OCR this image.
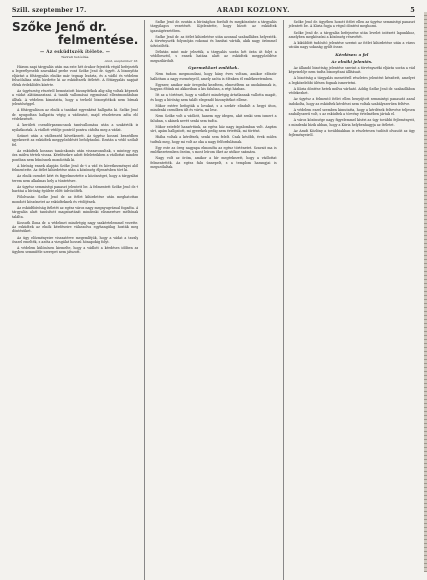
Szill. szeptember 17.	ARADI KOZLONY.	5
Szőke Jenő dr.
felmentése.
— Az esküdtszék ítélete. —
Távirati tudósítás.
Arad, szeptember 16.

Három napi tárgyalás után ma este hét órakor fejezték végül befejezték a legerélyesebb szavakkal perbe vont Szőke Jenő dr. ügyét. A bizonyítás eljárást a főtárgyalás elnöke már tegnap lezárta, és a vádló és védelem felszólalása után hirdette ki az esküdtszék ítéletét. A főtárgyalás napjait élénk érdeklődés kísérte.

Az ügyészség részéről bemutatott bizonyítékok alig-alig voltak képesek a vádat alátámasztani. A tanúk vallomásai egymással ellentmondásban álltak. A védelem kimutatta, hogy a terhelő bizonyítékok nem bírnak jelentőséggel.

A főtárgyaláson az elnök a tanúkat egyenként hallgatta ki. Szőke Jenő dr. nyugodtan hallgatta végig a vádiratot, majd részletesen adta elő védekezését.

A kerületi csendőrparancsnok tanúvallomása után a szakértők is nyilatkoztak. A vádlott védője pontról pontra cáfolta meg a vádat.

Szünet után a vádbeszéd következett. Az ügyész hosszú beszédben igyekezett az esküdtek meggyőződését befolyásolni. Ezután a védő szólalt fel.

Az esküdtek hosszas tanácskozás után visszavonultak, s mintegy egy óra múlva tértek vissza. Kérdésekre adott feleleteikben a vádlottat minden pontban nem bűnösnek mondották ki.

A bíróság ennek alapján Szőke Jenő dr.-t a vád és következményei alól felmentette. Az ítélet kihirdetése után a közönség éljenzésben tört ki.

Az elnök csendet kért és figyelmeztette a közönséget, hogy a tárgyalási terem nem alkalmas hely a tüntetésre.

Az ügyész semmiségi panaszt jelentett be. A felmentett Szőke Jenő dr.-t barátai a bíróság épülete előtt üdvözölték.

Fölolvasás: Szőke Jenő dr. az ítélet kihirdetése után meghatottan mondott köszönetet az esküdteknek és védőjének.

Az esküdtbíróság ítéletét az egész város nagy megnyugvással fogadta. A tárgyalás alatt tanúsított magatartását mindenki elismerésre méltónak találta.

Kossuth Ilona dr. a védelmet mindvégig nagy szakértelemmel vezette. Az esküdtek az elnök kérdéseire válaszolva egyhangúlag hozták meg döntésüket.

Az ügy előzményeire visszatérve megemlítjük, hogy a vádat a tavaly ősszel emelték, s azóta a vizsgálat hosszú hónapokig folyt.

A védelem különösen kiemelte, hogy a vádlott a kérdéses időben az ügyben semmiféle szerepet nem játszott.

Szőke Jenő dr. ezután a bírósághoz fordult és megköszönte a tárgyalás tárgyilagos vezetését. Kijelentette, hogy bízott az esküdtek igazságérzetében.

Szőke Jenő dr. az itélet kihirdetése után azonnal szabadlábra helyezték. A törvényszék folyosóján rokonai és barátai várták, akik nagy örömmel üdvözölték.

Délután mint már jeleztük, a tárgyalás során hét órán át folyt a védőbeszéd, s ennek hatása alatt az esküdtek meggyőződése megszilárdult.

Gyermekkori emlékek.

Nem tudom megmondani, hogy hány éves voltam, amikor először hallottam a nagy eseményről, amely azóta is élénken él emlékezetemben.

Egyszer, amikor már öregedni kezdtem, elmeséltem az unokáimnak is, hogyan éltünk mi akkoriban a kis faluban, a régi házban.

Itt az a történet, hogy a vádlott mindvégig ártatlannak vallotta magát, és hogy a bíróság nem talált elegendő bizonyítékot ellene.

Mikor estére befogták a lovakat, s a szekér elindult a hegyi úton, mindenki csendben ült és várta, mi lesz.

Nem Szőke volt a vádlott, hanem egy idegen, akit senki sem ismert a faluban, s akinek nevét senki sem tudta.

Mikor estefelé hazaértünk, az egész ház nagy izgalomban volt. Anyám sírt, apám hallgatott, mi gyerekek pedig nem értettük, mi történt.

Hiába voltak a kérdések, senki sem felelt. Csak később, évek múlva tudtuk meg, hogy mi volt az oka a nagy felfordulásnak.

Egy este az öreg nagyapa elmondta az egész történetet. Szavait ma is emlékezetemben őrzöm, s most leírom őket az utókor számára.

Nagy volt az öröm, amikor a hír megérkezett, hogy a vádlottat felmentették. Az egész falu ünnepelt, s a templom harangjai is megszólaltak.

Szőke Jenő dr. ügyében hozott ítélet ellen az ügyész semmiségi panaszt jelentett be. A Kúria fogja a végső döntést meghozni.

Szőke Jenő dr. a tárgyalás befejezése után levelet intézett lapunkhoz, amelyben megköszöni a közönség részvétét.

A kiküldött tudósító jelentése szerint az ítélet kihirdetése után a város utcáin nagy sokaság gyűlt össze.

Kérdéses: a fel
Az elnöki jelentés.

Az állandó bizottság jelentése szerint a törvényszéki eljárás során a vád képviselője nem tudta bizonyítani állításait.

A bizottság a tárgyalás menetéről részletes jelentést készített, amelyet a legközelebbi ülésen fognak ismertetni.

A Kúria döntése hetek múlva várható. Addig Szőke Jenő dr. szabadlábon védekezhet.

Az ügyész a felmentő ítélet ellen benyújtott semmiségi panaszát azzal indokolta, hogy az esküdtek kérdései nem voltak szabályszerűen feltéve.

A védelem ezzel szemben kimutatta, hogy a kérdések feltevése teljesen szabályszerű volt, s az esküdtek a törvény értelmében jártak el.

A város közönsége nagy figyelemmel kíséri az ügy további fejleményeit, s mindenki bízik abban, hogy a Kúria helybenhagyja az ítéletet.

Az Aradi Közlöny a továbbiakban is részletesen tudósít olvasóit az ügy fejleményeiről.
